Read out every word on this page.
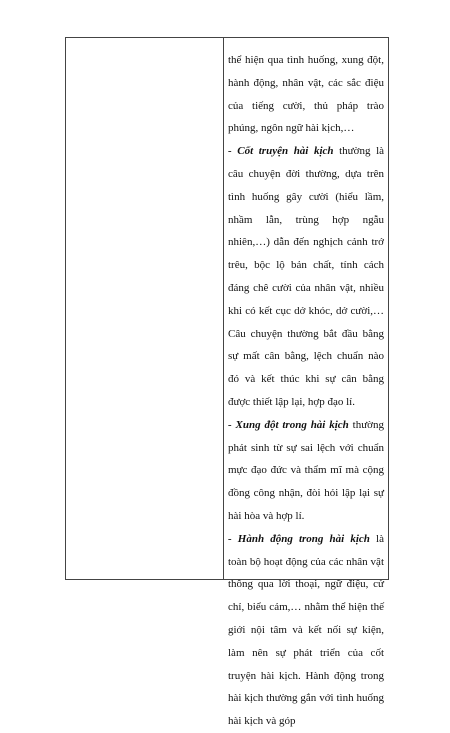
thể hiện qua tình huống, xung đột, hành động, nhân vật, các sắc điệu của tiếng cười, thủ pháp trào phúng, ngôn ngữ hài kịch,…

- Cốt truyện hài kịch thường là câu chuyện đời thường, dựa trên tình huống gây cười (hiểu lầm, nhầm lẫn, trùng hợp ngẫu nhiên,…) dẫn đến nghịch cảnh trớ trêu, bộc lộ bản chất, tính cách đáng chê cười của nhân vật, nhiều khi có kết cục dở khóc, dở cười,… Câu chuyện thường bắt đầu bằng sự mất cân bằng, lệch chuẩn nào đó và kết thúc khi sự cân bằng được thiết lập lại, hợp đạo lí.

- Xung đột trong hài kịch thường phát sinh từ sự sai lệch với chuẩn mực đạo đức và thẩm mĩ mà cộng đồng công nhận, đòi hỏi lập lại sự hài hòa và hợp lí.

- Hành động trong hài kịch là toàn bộ hoạt động của các nhân vật thông qua lời thoại, ngữ điệu, cử chỉ, biểu cảm,… nhằm thể hiện thế giới nội tâm và kết nối sự kiện, làm nên sự phát triển của cốt truyện hài kịch. Hành động trong hài kịch thường gắn với tình huống hài kịch và góp
